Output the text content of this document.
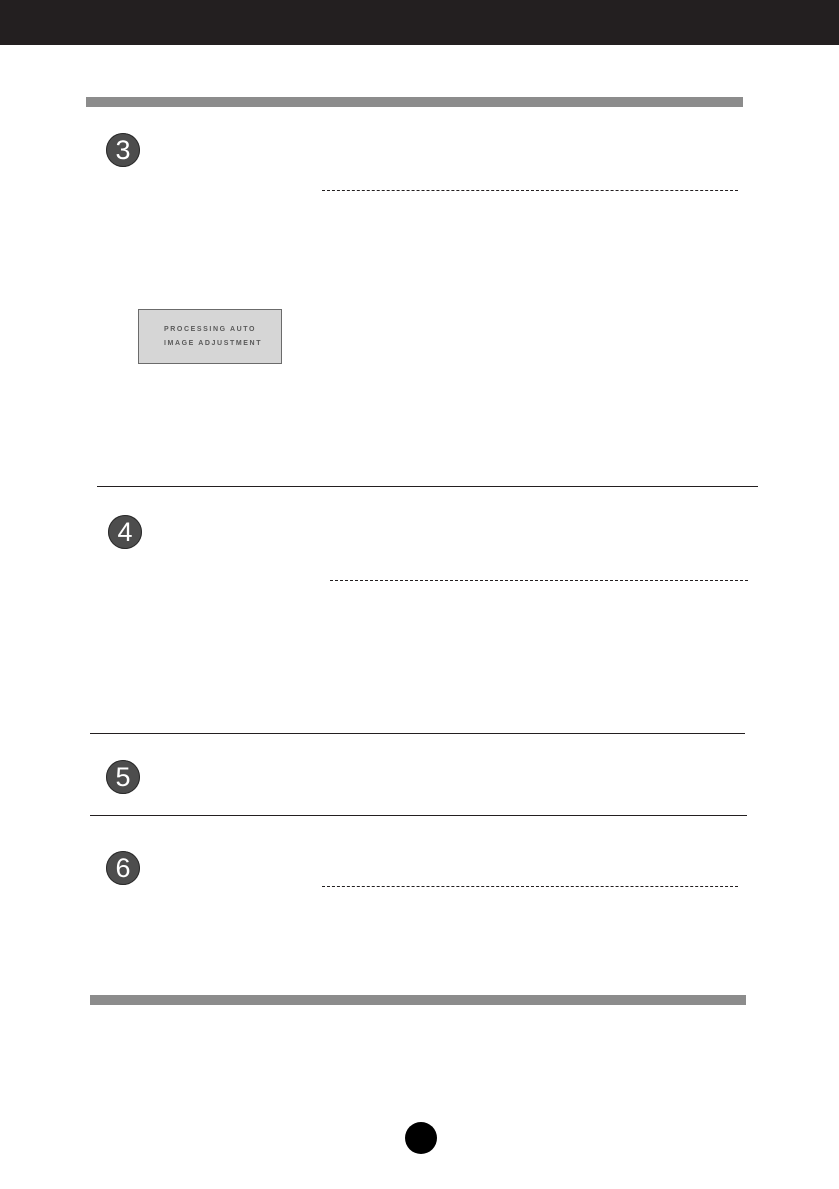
3
PROCESSING AUTO
IMAGE ADJUSTMENT
4
5
6
